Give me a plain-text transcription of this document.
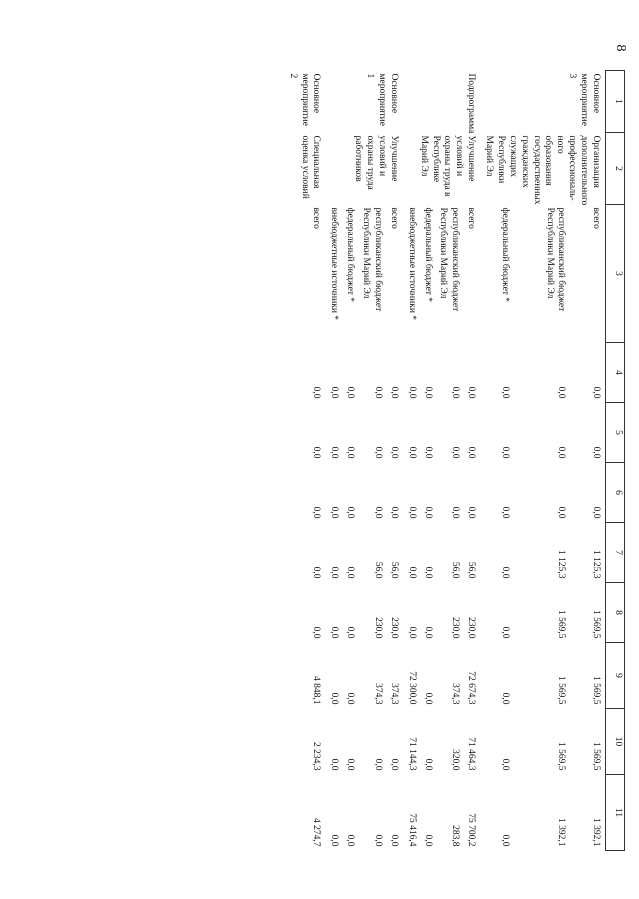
8
1	2	3	4	5	6	7	8	9	10	11
Основное мероприятие 3	Организация дополнительного профессиональ-ного образования государственных гражданских служащих Республики Марий Эл	всего	0,0	0,0	0,0	1 125,3	1 569,5	1 569,5	1 569,5	1 392,1
		республиканский бюджет Республики Марий Эл	0,0	0,0	0,0	1 125,3	1 569,5	1 569,5	1 569,5	1 392,1
		федеральный бюджет *	0,0	0,0	0,0	0,0	0,0	0,0	0,0	0,0
Подпрограмма	Улучшение условий и охраны труда в Республике Марий Эл	всего	0,0	0,0	0,0	56,0	230,0	72 674,3	71 464,3	75 700,2
		республиканский бюджет Республики Марий Эл	0,0	0,0	0,0	56,0	230,0	374,3	320,0	283,8
		федеральный бюджет *	0,0	0,0	0,0	0,0	0,0	0,0	0,0	0,0
		внебюджетные источники *	0,0	0,0	0,0	0,0	0,0	72 300,0	71 144,3	75 416,4
Основное мероприятие 1	Улучшение условий и охраны труда работников	всего	0,0	0,0	0,0	56,0	230,0	374,3	0,0	0,0
		республиканский бюджет Республики Марий Эл	0,0	0,0	0,0	56,0	230,0	374,3	0,0	0,0
		федеральный бюджет *	0,0	0,0	0,0	0,0	0,0	0,0	0,0	0,0
		внебюджетные источники *	0,0	0,0	0,0	0,0	0,0	0,0	0,0	0,0
Основное мероприятие 2	Специальная оценка условий	всего	0,0	0,0	0,0	0,0	0,0	4 848,1	2 234,3	4 274,7
